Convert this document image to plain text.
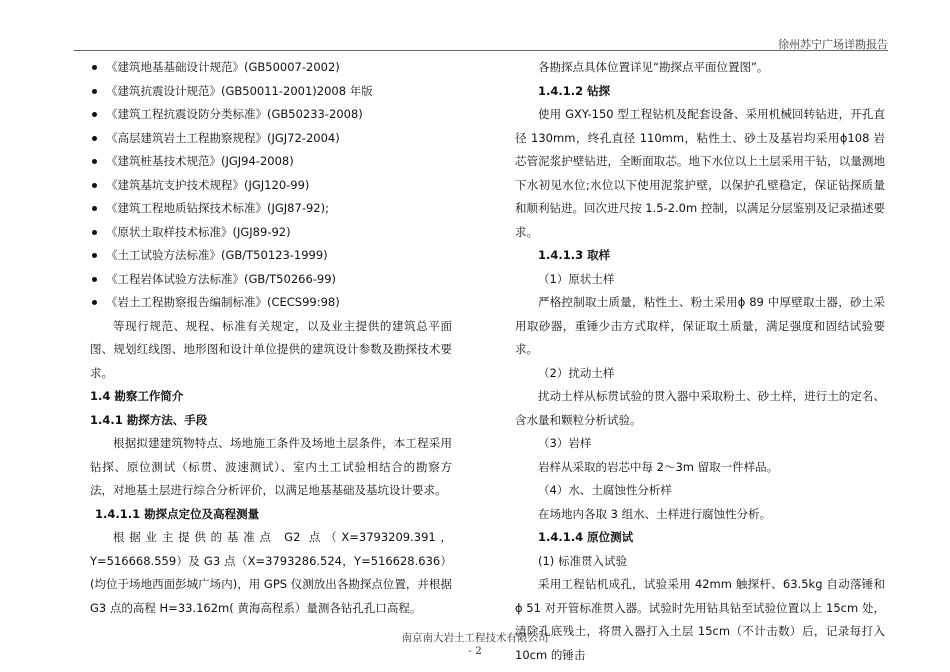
徐州苏宁广场详勘报告
《建筑地基基础设计规范》(GB50007-2002)
《建筑抗震设计规范》(GB50011-2001)2008 年版
《建筑工程抗震设防分类标准》(GB50233-2008)
《高层建筑岩土工程勘察规程》(JGJ72-2004)
《建筑桩基技术规范》(JGJ94-2008)
《建筑基坑支护技术规程》(JGJ120-99)
《建筑工程地质钻探技术标准》(JGJ87-92);
《原状土取样技术标准》(JGJ89-92)
《土工试验方法标准》(GB/T50123-1999)
《工程岩体试验方法标准》(GB/T50266-99)
《岩土工程勘察报告编制标准》(CECS99:98)

等现行规范、规程、标准有关规定，以及业主提供的建筑总平面图、规划红线图、地形图和设计单位提供的建筑设计参数及勘探技术要求。

1.4 勘察工作简介

1.4.1 勘探方法、手段

根据拟建建筑物特点、场地施工条件及场地土层条件，本工程采用钻探、原位测试（标贯、波速测试）、室内土工试验相结合的勘察方法，对地基土层进行综合分析评价，以满足地基基础及基坑设计要求。

1.4.1.1 勘探点定位及高程测量

根据业主提供的基准点 G2 点（X=3793209.391，Y=516668.559）及 G3 点（X=3793286.524，Y=516628.636）(均位于场地西面彭城广场内)，用 GPS 仪测放出各勘探点位置，并根据 G3 点的高程 H=33.162m( 黄海高程系）量测各钻孔孔口高程。

各勘探点具体位置详见“勘探点平面位置图”。

1.4.1.2 钻探

使用 GXY-150 型工程钻机及配套设备、采用机械回转钻进，开孔直径 130mm，终孔直径 110mm，粘性土、砂土及基岩均采用ϕ108 岩芯管泥浆护壁钻进，全断面取芯。地下水位以上土层采用干钻，以量测地下水初见水位;水位以下使用泥浆护壁，以保护孔壁稳定，保证钻探质量和顺利钻进。回次进尺按 1.5-2.0m 控制，以满足分层鉴别及记录描述要求。

1.4.1.3 取样

（1）原状土样

严格控制取土质量，粘性土、粉土采用ϕ 89 中厚壁取土器，砂土采用取砂器，重锤少击方式取样，保证取土质量，满足强度和固结试验要求。

（2）扰动土样

扰动土样从标贯试验的贯入器中采取粉土、砂土样，进行土的定名、含水量和颗粒分析试验。

（3）岩样

岩样从采取的岩芯中每 2～3m 留取一件样品。

（4）水、土腐蚀性分析样

在场地内各取 3 组水、土样进行腐蚀性分析。

1.4.1.4 原位测试

(1) 标准贯入试验

采用工程钻机成孔，试验采用 42mm 触探杆、63.5kg 自动落锤和ϕ 51 对开管标准贯入器。试验时先用钻具钻至试验位置以上 15cm 处，清除孔底残土，将贯入器打入土层 15cm（不计击数）后，记录每打入 10cm 的锤击

南京南大岩土工程技术有限公司
- 2
